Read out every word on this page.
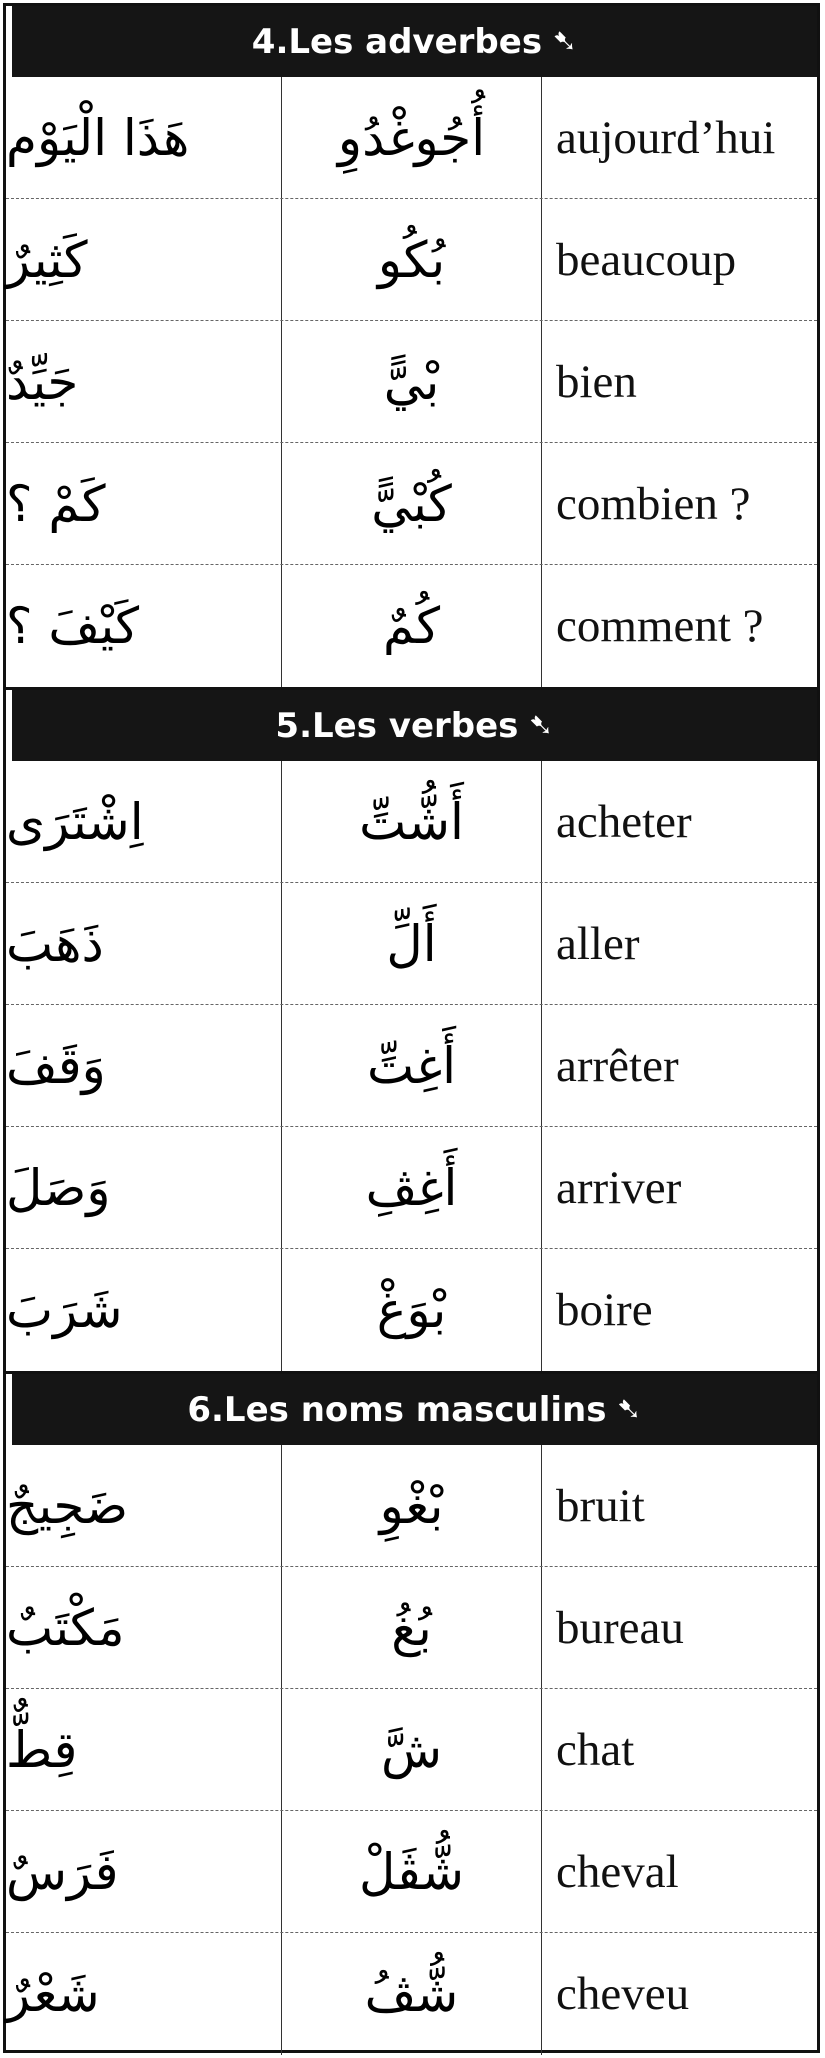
4.Les adverbes ➷
هَذَا الْيَوْم	أُجُوغْدُوِ	aujourd’hui
كَثِيرٌ	بُكُو	beaucoup
جَيِّدٌ	بْيًّ	bien
كَمْ ؟	كُبْيًّ	combien ?
كَيْفَ ؟	كُمٌ	comment ?
5.Les verbes ➷
اِشْتَرَى	أَشُّتِّ	acheter
ذَهَبَ	أَلِّ	aller
وَقَفَ	أَغِتِّ	arrêter
وَصَلَ	أَغِڤِ	arriver
شَرَبَ	بْوَغْ	boire
6.Les noms masculins ➷
ضَجِيجٌ	بْغْوِ	bruit
مَكْتَبٌ	بُغُ	bureau
قِطٌّ	شَّ	chat
فَرَسٌ	شُّڤَلْ	cheval
شَعْرٌ	شُّڤُ	cheveu
